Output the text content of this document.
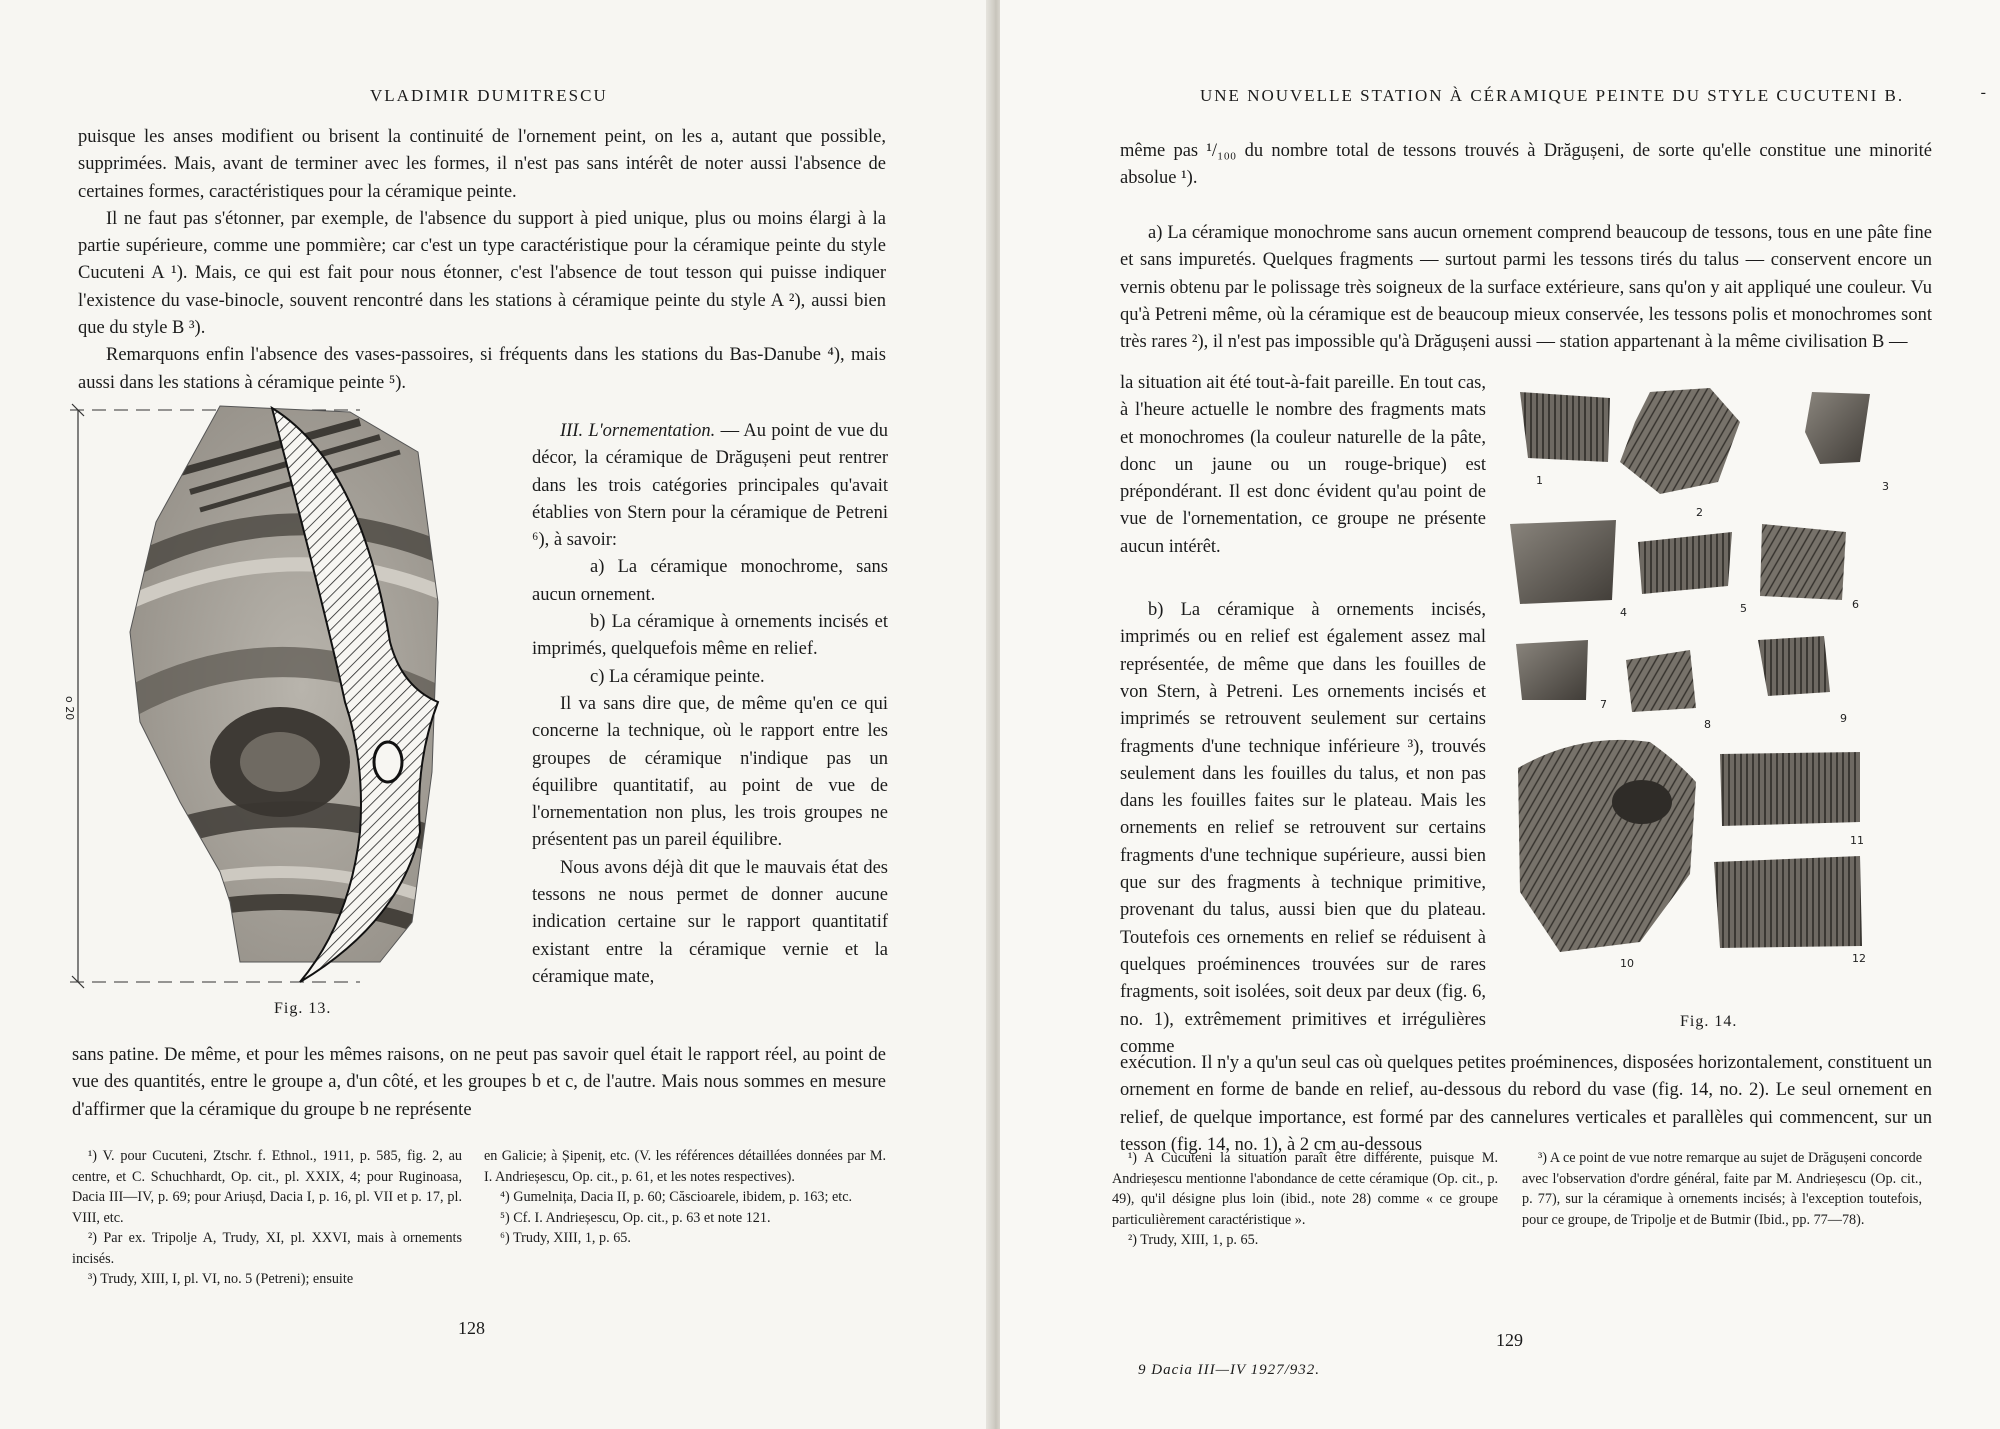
VLADIMIR DUMITRESCU

puisque les anses modifient ou brisent la continuité de l'ornement peint, on les a, autant que possible, supprimées. Mais, avant de terminer avec les formes, il n'est pas sans intérêt de noter aussi l'absence de certaines formes, caractéristiques pour la céramique peinte.

Il ne faut pas s'étonner, par exemple, de l'absence du support à pied unique, plus ou moins élargi à la partie supérieure, comme une pommière; car c'est un type caractéristique pour la céramique peinte du style Cucuteni A ¹). Mais, ce qui est fait pour nous étonner, c'est l'absence de tout tesson qui puisse indiquer l'existence du vase-binocle, souvent rencontré dans les stations à céramique peinte du style A ²), aussi bien que du style B ³).

Remarquons enfin l'absence des vases-passoires, si fréquents dans les stations du Bas-Danube ⁴), mais aussi dans les stations à céramique peinte ⁵).

o 20
Fig. 13.

III. L'ornementation. — Au point de vue du décor, la céramique de Drăgușeni peut rentrer dans les trois catégories principales qu'avait établies von Stern pour la céramique de Petreni ⁶), à savoir:

a) La céramique monochrome, sans aucun ornement.

b) La céramique à ornements incisés et imprimés, quelquefois même en relief.

c) La céramique peinte.

Il va sans dire que, de même qu'en ce qui concerne la technique, où le rapport entre les groupes de céramique n'indique pas un équilibre quantitatif, au point de vue de l'ornementation non plus, les trois groupes ne présentent pas un pareil équilibre.

Nous avons déjà dit que le mauvais état des tessons ne nous permet de donner aucune indication certaine sur le rapport quantitatif existant entre la céramique vernie et la céramique mate,

sans patine. De même, et pour les mêmes raisons, on ne peut pas savoir quel était le rapport réel, au point de vue des quantités, entre le groupe a, d'un côté, et les groupes b et c, de l'autre. Mais nous sommes en mesure d'affirmer que la céramique du groupe b ne représente

¹) V. pour Cucuteni, Ztschr. f. Ethnol., 1911, p. 585, fig. 2, au centre, et C. Schuchhardt, Op. cit., pl. XXIX, 4; pour Ruginoasa, Dacia III—IV, p. 69; pour Ariușd, Dacia I, p. 16, pl. VII et p. 17, pl. VIII, etc.

²) Par ex. Tripolje A, Trudy, XI, pl. XXVI, mais à ornements incisés.

³) Trudy, XIII, I, pl. VI, no. 5 (Petreni); ensuite

en Galicie; à Șipeniț, etc. (V. les références détaillées données par M. I. Andrieșescu, Op. cit., p. 61, et les notes respectives).

⁴) Gumelnița, Dacia II, p. 60; Căscioarele, ibidem, p. 163; etc.

⁵) Cf. I. Andrieșescu, Op. cit., p. 63 et note 121.

⁶) Trudy, XIII, 1, p. 65.

128
UNE NOUVELLE STATION À CÉRAMIQUE PEINTE DU STYLE CUCUTENI B.	-

même pas ¹/₁₀₀ du nombre total de tessons trouvés à Drăgușeni, de sorte qu'elle constitue une minorité absolue ¹).

a) La céramique monochrome sans aucun ornement comprend beaucoup de tessons, tous en une pâte fine et sans impuretés. Quelques fragments — surtout parmi les tessons tirés du talus — conservent encore un vernis obtenu par le polissage très soigneux de la surface extérieure, sans qu'on y ait appliqué une couleur. Vu qu'à Petreni même, où la céramique est de beaucoup mieux conservée, les tessons polis et monochromes sont très rares ²), il n'est pas impossible qu'à Drăgușeni aussi — station appartenant à la même civilisation B —

la situation ait été tout-à-fait pareille. En tout cas, à l'heure actuelle le nombre des fragments mats et monochromes (la couleur naturelle de la pâte, donc un jaune ou un rouge-brique) est prépondérant. Il est donc évident qu'au point de vue de l'ornementation, ce groupe ne présente aucun intérêt.

b) La céramique à ornements incisés, imprimés ou en relief est également assez mal représentée, de même que dans les fouilles de von Stern, à Petreni. Les ornements incisés et imprimés se retrouvent seulement sur certains fragments d'une technique inférieure ³), trouvés seulement dans les fouilles du talus, et non pas dans les fouilles faites sur le plateau. Mais les ornements en relief se retrouvent sur certains fragments d'une technique supérieure, aussi bien que sur des fragments à technique primitive, provenant du talus, aussi bien que du plateau. Toutefois ces ornements en relief se réduisent à quelques proéminences trouvées sur de rares fragments, soit isolées, soit deux par deux (fig. 6, no. 1), extrêmement primitives et irrégulières comme

1
2
3
4	5	6
7
8	9
10
11
12
Fig. 14.

exécution. Il n'y a qu'un seul cas où quelques petites proéminences, disposées horizontalement, constituent un ornement en forme de bande en relief, au-dessous du rebord du vase (fig. 14, no. 2). Le seul ornement en relief, de quelque importance, est formé par des cannelures verticales et parallèles qui commencent, sur un tesson (fig. 14, no. 1), à 2 cm au-dessous

¹) A Cucuteni la situation paraît être différente, puisque M. Andrieșescu mentionne l'abondance de cette céramique (Op. cit., p. 49), qu'il désigne plus loin (ibid., note 28) comme « ce groupe particulièrement caractéristique ».

²) Trudy, XIII, 1, p. 65.

³) A ce point de vue notre remarque au sujet de Drăgușeni concorde avec l'observation d'ordre général, faite par M. Andrieșescu (Op. cit., p. 77), sur la céramique à ornements incisés; à l'exception toutefois, pour ce groupe, de Tripolje et de Butmir (Ibid., pp. 77—78).

129
9 Dacia III—IV 1927/932.
